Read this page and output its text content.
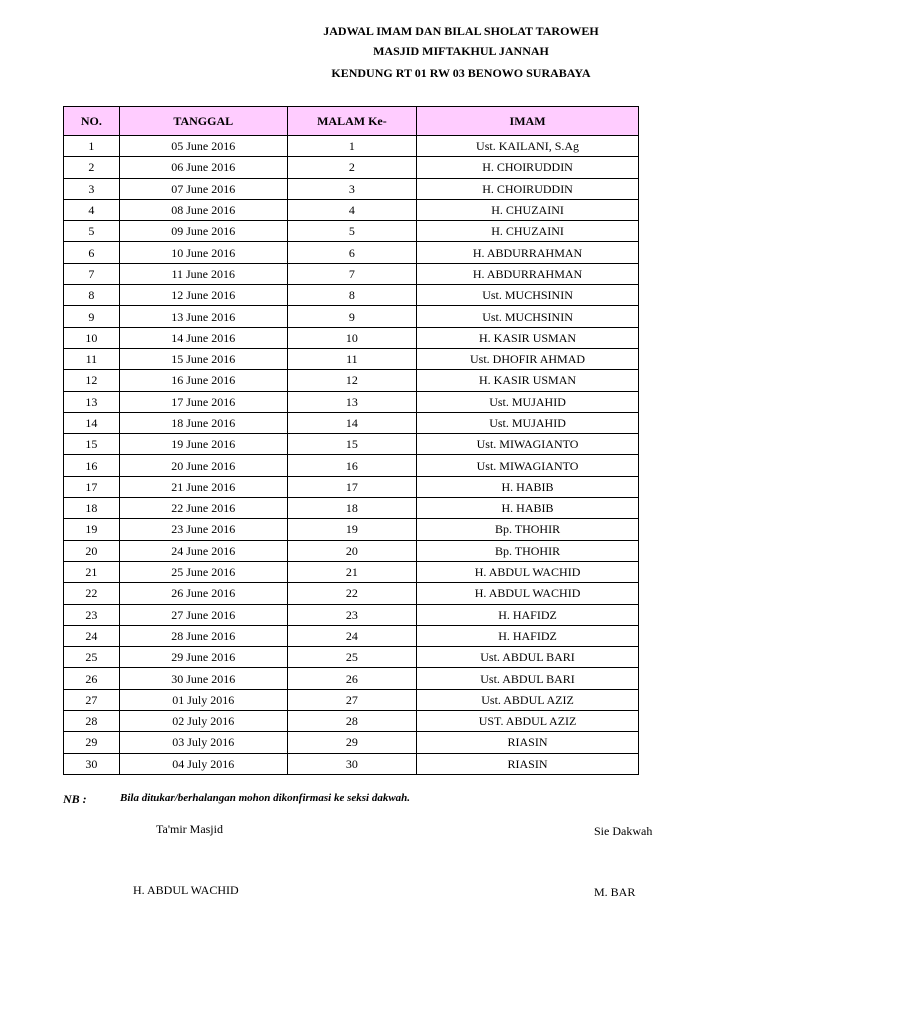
JADWAL IMAM DAN BILAL SHOLAT TAROWEH
MASJID MIFTAKHUL JANNAH
KENDUNG RT 01 RW 03 BENOWO SURABAYA
NO.	TANGGAL	MALAM Ke-	IMAM
1	05 June 2016	1	Ust. KAILANI, S.Ag
2	06 June 2016	2	H. CHOIRUDDIN
3	07 June 2016	3	H. CHOIRUDDIN
4	08 June 2016	4	H. CHUZAINI
5	09 June 2016	5	H. CHUZAINI
6	10 June 2016	6	H. ABDURRAHMAN
7	11 June 2016	7	H. ABDURRAHMAN
8	12 June 2016	8	Ust. MUCHSININ
9	13 June 2016	9	Ust. MUCHSININ
10	14 June 2016	10	H. KASIR USMAN
11	15 June 2016	11	Ust. DHOFIR AHMAD
12	16 June 2016	12	H. KASIR USMAN
13	17 June 2016	13	Ust. MUJAHID
14	18 June 2016	14	Ust. MUJAHID
15	19 June 2016	15	Ust. MIWAGIANTO
16	20 June 2016	16	Ust. MIWAGIANTO
17	21 June 2016	17	H. HABIB
18	22 June 2016	18	H. HABIB
19	23 June 2016	19	Bp. THOHIR
20	24 June 2016	20	Bp. THOHIR
21	25 June 2016	21	H. ABDUL WACHID
22	26 June 2016	22	H. ABDUL WACHID
23	27 June 2016	23	H. HAFIDZ
24	28 June 2016	24	H. HAFIDZ
25	29 June 2016	25	Ust. ABDUL BARI
26	30 June 2016	26	Ust. ABDUL BARI
27	01 July 2016	27	Ust. ABDUL AZIZ
28	02 July 2016	28	UST. ABDUL AZIZ
29	03 July 2016	29	RIASIN
30	04 July 2016	30	RIASIN
NB :	Bila ditukar/berhalangan mohon dikonfirmasi ke seksi dakwah.
Ta'mir Masjid
H. ABDUL WACHID
Sie Dakwah
M. BAR
